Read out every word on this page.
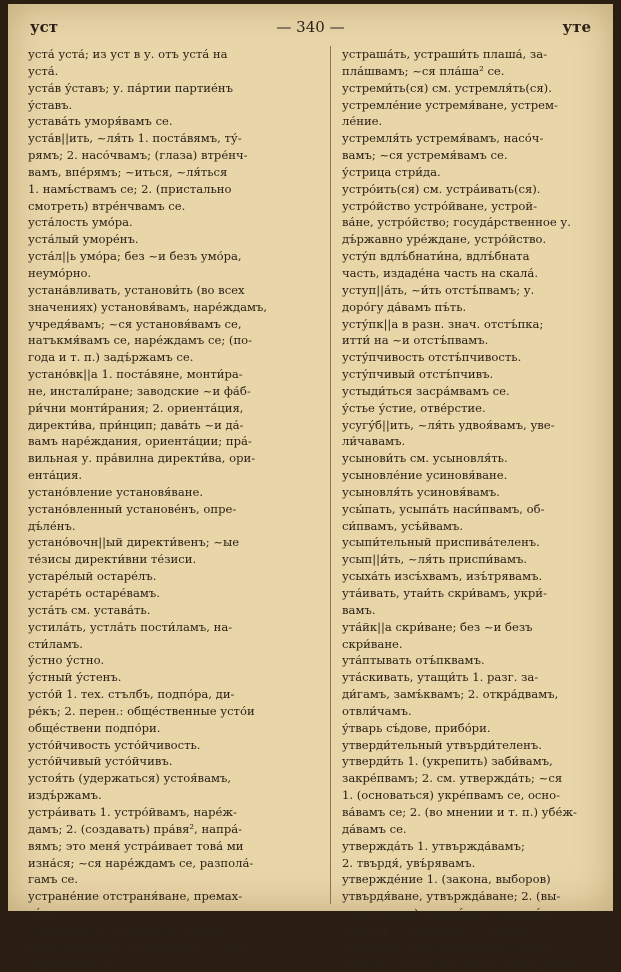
уст	— 340 —	уте
уста́ уста́; из уст в у. отъ уста́ на
уста́.
уста́в у́ставъ; у. па́ртии партие́нъ
у́ставъ.
устава́ть уморя́вамъ се.
уста́в||ить, ~ля́ть 1. поста́вямъ, ту́-
рямъ; 2. насо́чвамъ; (глаза) втре́нч-
вамъ, впе́рямъ; ~иться, ~ля́ться
1. намъ́ствамъ се; 2. (пристально
смотреть) втре́нчвамъ се.
уста́лость умо́ра.
уста́лый уморе́нъ.
уста́л||ь умо́ра; без ~и безъ умо́ра,
неумо́рно.
устана́вливать, установи́ть (во всех
значениях) установя́вамъ, наре́ждамъ,
учредя́вамъ; ~ся установя́вамъ се,
натъкмя́вамъ се, наре́ждамъ се; (по-
года и т. п.) задъ́ржамъ се.
устано́вк||а 1. поста́вяне, монти́ра-
не, инстали́ране; заводские ~и фа́б-
ри́чни монти́рания; 2. ориента́ция,
директи́ва, при́нцип; дава́ть ~и да́-
вамъ наре́ждания, ориента́ции; пра́-
вильная у. пра́вилна директи́ва, ори-
ента́ция.
устано́вление установя́ване.
устано́вленный установе́нъ, опре-
дъ́ле́нъ.
устано́вочн||ый директи́венъ; ~ые
те́зисы директи́вни те́зиси.
устаре́лый остаре́лъ.
устаре́ть остаре́вамъ.
уста́ть см. устава́ть.
устила́ть, устла́ть пости́ламъ, на-
сти́ламъ.
у́стно у́стно.
у́стный у́стенъ.
усто́й 1. тех. стълбъ, подпо́ра, ди-
ре́къ; 2. перен.: обще́ственные усто́и
обще́ствени подпо́ри.
усто́йчивость усто́йчивость.
усто́йчивый усто́йчивъ.
устоя́ть (удержаться) устоя́вамъ,
издъ́ржамъ.
устра́ивать 1. устро́йвамъ, наре́ж-
дамъ; 2. (создавать) пра́вя², напра́-
вямъ; это меня́ устра́ивает това́ ми
изна́ся; ~ся наре́ждамъ се, разпола́-
гамъ се.
устране́ние отстраня́ване, премах-
ва́не.
устрани́ть, устраня́ть отстраня́-
вамъ, ма́хвамъ, према́хвамъ; ~ся от-
страня́вамъ се.
устраша́ть, устраши́ть плаша́, за-
пла́швамъ; ~ся пла́ша² се.
устреми́ть(ся) см. устремля́ть(ся).
устремле́ние устремя́ване, устрем-
ле́ние.
устремля́ть устремя́вамъ, насо́ч-
вамъ; ~ся устремя́вамъ се.
у́стрица стри́да.
устро́ить(ся) см. устра́ивать(ся).
устро́йство устро́йване, устрой-
ва́не, устро́йство; госуда́рственное у.
дъ́ржавно уре́ждане, устро́йство.
усту́п вдлъ́бнати́на, вдлъ́бната
часть, издаде́на часть на скала́.
уступ||а́ть, ~и́ть отстъ́пвамъ; у.
доро́гу да́вамъ пъ́ть.
усту́пк||а в разн. знач. отстъ́пка;
итти́ на ~и отстъ́пвамъ.
усту́пчивость отстъ́пчивость.
усту́пчивый отстъ́пчивъ.
устыди́ться засра́мвамъ се.
у́стье у́стие, отве́рстие.
усугу́б||ить, ~ля́ть удвоя́вамъ, уве-
ли́чавамъ.
усынови́ть см. усыновля́ть.
усыновле́ние усиновя́ване.
усыновля́ть усиновя́вамъ.
усы́пать, усыпа́ть наси́пвамъ, об-
си́пвамъ, усъ́йвамъ.
усыпи́тельный приспива́теленъ.
усып||и́ть, ~ля́ть приспи́вамъ.
усыха́ть изсъ́хвамъ, изъ́трявамъ.
ута́ивать, утаи́ть скри́вамъ, укри́-
вамъ.
ута́йк||а скри́ване; без ~и безъ
скри́ване.
ута́птывать отъ́пквамъ.
ута́скивать, утащи́ть 1. разг. за-
ди́гамъ, замъ́квамъ; 2. откра́двамъ,
отвли́чамъ.
у́тварь съ́дове, прибо́ри.
утверди́тельный утвърди́теленъ.
утверди́ть 1. (укрепить) заби́вамъ,
закре́пвамъ; 2. см. утвержда́ть; ~ся
1. (основаться) укре́пвамъ се, осно-
ва́вамъ се; 2. (во мнении и т. п.) убе́ж-
да́вамъ се.
утвержда́ть 1. утвържда́вамъ;
2. твърдя́, увъ́рявамъ.
утвержде́ние 1. (закона, выборов)
утвърдя́ване, утвържда́ване; 2. (вы-
сказывание) твърде́ние, изказва́не.
утека́ть 1. изти́чамъ; 2. перен.
(убежать, уйти) избъ́гвамъ, спася́-
вамъ се съ бъ́гство; мно́го воды утекло́
